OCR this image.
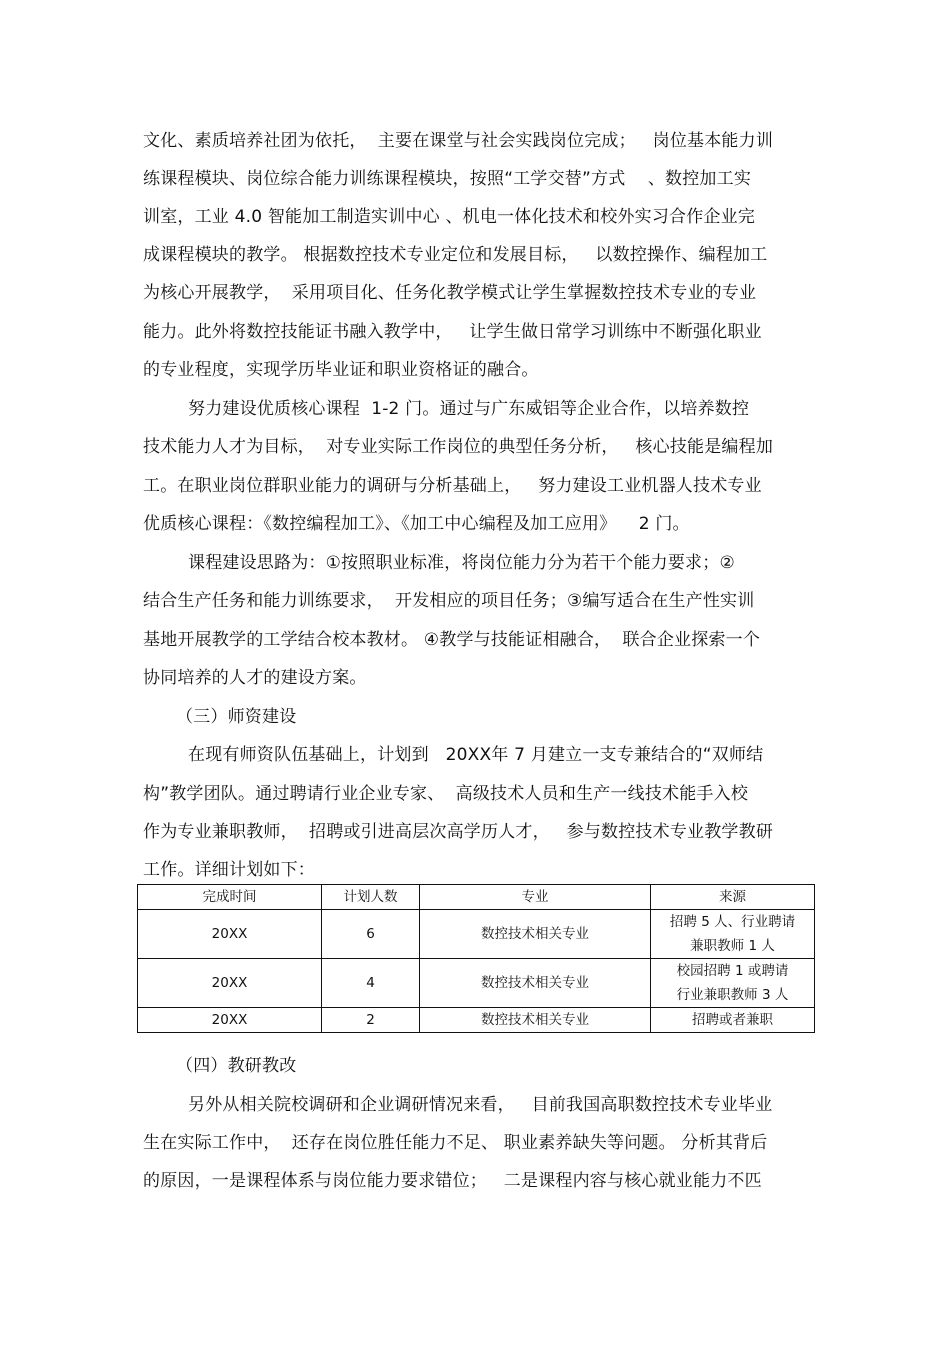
文化、素质培养社团为依托，  主要在课堂与社会实践岗位完成；   岗位基本能力训
练课程模块、岗位综合能力训练课程模块，按照“工学交替”方式    、数控加工实
训室，工业 4.0 智能加工制造实训中心 、机电一体化技术和校外实习合作企业完
成课程模块的教学。 根据数控技术专业定位和发展目标，   以数控操作、编程加工
为核心开展教学，  采用项目化、任务化教学模式让学生掌握数控技术专业的专业
能力。此外将数控技能证书融入教学中，   让学生做日常学习训练中不断强化职业
的专业程度，实现学历毕业证和职业资格证的融合。
努力建设优质核心课程  1-2 门。通过与广东威铝等企业合作，以培养数控
技术能力人才为目标，  对专业实际工作岗位的典型任务分析，   核心技能是编程加
工。在职业岗位群职业能力的调研与分析基础上，   努力建设工业机器人技术专业
优质核心课程：《数控编程加工》、《加工中心编程及加工应用》    2 门。
课程建设思路为：①按照职业标准，将岗位能力分为若干个能力要求；②
结合生产任务和能力训练要求，  开发相应的项目任务；③编写适合在生产性实训
基地开展教学的工学结合校本教材。 ④教学与技能证相融合，  联合企业探索一个
协同培养的人才的建设方案。
（三）师资建设
在现有师资队伍基础上，计划到   20XX年 7 月建立一支专兼结合的“双师结
构”教学团队。通过聘请行业企业专家、  高级技术人员和生产一线技术能手入校
作为专业兼职教师，  招聘或引进高层次高学历人才，   参与数控技术专业教学教研
工作。详细计划如下：
完成时间	计划人数	专业	来源
20XX	6	数控技术相关专业	招聘 5 人、行业聘请
兼职教师 1 人

20XX	4	数控技术相关专业	校园招聘 1 或聘请
行业兼职教师 3 人

20XX	2	数控技术相关专业	招聘或者兼职
（四）教研教改
另外从相关院校调研和企业调研情况来看，   目前我国高职数控技术专业毕业
生在实际工作中，  还存在岗位胜任能力不足、 职业素养缺失等问题。 分析其背后
的原因，一是课程体系与岗位能力要求错位；   二是课程内容与核心就业能力不匹
